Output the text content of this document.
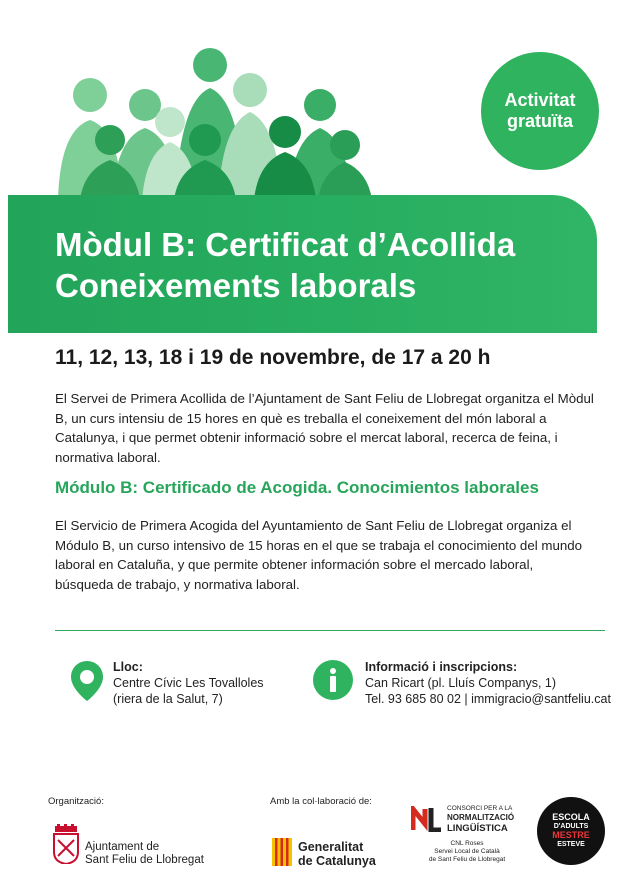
Activitat
gratuïta
Mòdul B: Certificat d’Acollida
Coneixements laborals
11, 12, 13, 18 i 19 de novembre, de 17 a 20 h
El Servei de Primera Acollida de l’Ajuntament de Sant Feliu de Llobregat organitza el Mòdul B, un curs intensiu de 15 hores en què es treballa el coneixement del món laboral a Catalunya, i que permet obtenir informació sobre el mercat laboral, recerca de feina, i normativa laboral.
Módulo B: Certificado de Acogida. Conocimientos laborales
El Servicio de Primera Acogida del Ayuntamiento de Sant Feliu de Llobregat organiza el Módulo B, un curso intensivo de 15 horas en el que se trabaja el conocimiento del mundo laboral en Cataluña, y que permite obtener información sobre el mercado laboral, búsqueda de trabajo, y normativa laboral.
Lloc:
Centre Cívic Les Tovalloles
(riera de la Salut, 7)
Informació i inscripcions:
Can Ricart (pl. Lluís Companys, 1)
Tel. 93 685 80 02 | immigracio@santfeliu.cat
Organització:	Amb la col·laboració de:
Ajuntament de
Sant Feliu de Llobregat
Generalitat
de Catalunya
CONSORCI PER A LA
NORMALITZACIÓ
LINGÜÍSTICA
CNL Roses
Servei Local de Català
de Sant Feliu de Llobregat
ESCOLA
D'ADULTS
MESTRE
ESTEVE
